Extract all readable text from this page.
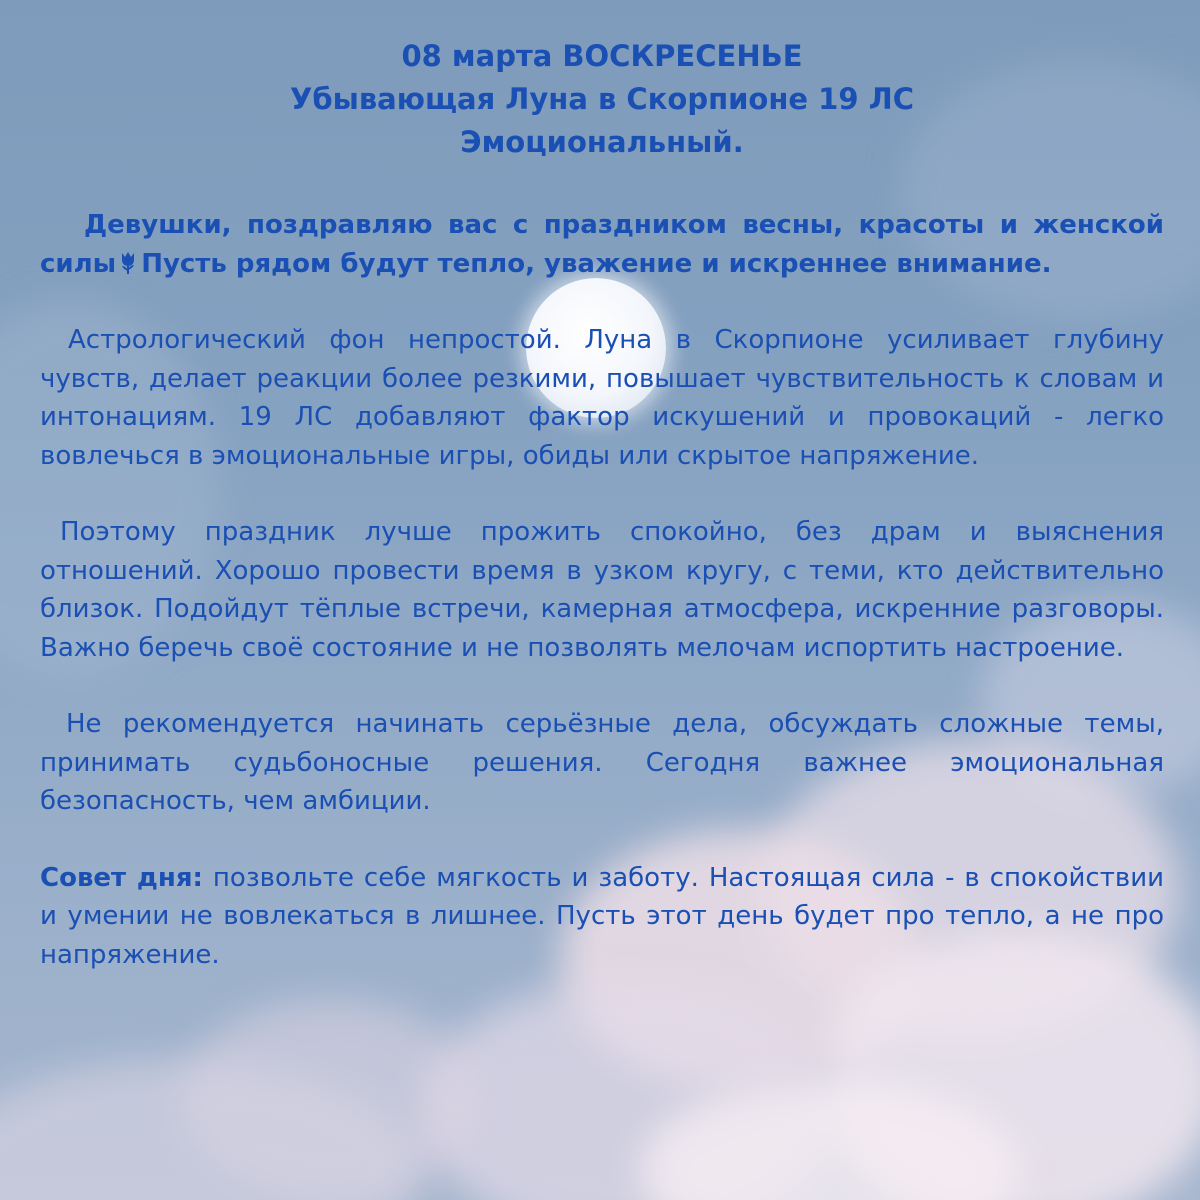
08 марта ВОСКРЕСЕНЬЕ
Убывающая Луна в Скорпионе 19 ЛС
Эмоциональный.

Девушки, поздравляю вас с праздником весны, красоты и женской силы Пусть рядом будут тепло, уважение и искреннее внимание.

Астрологический фон непростой. Луна в Скорпионе усиливает глубину чувств, делает реакции более резкими, повышает чувствительность к словам и интонациям. 19 ЛС добавляют фактор искушений и провокаций - легко вовлечься в эмоциональные игры, обиды или скрытое напряжение.

Поэтому праздник лучше прожить спокойно, без драм и выяснения отношений. Хорошо провести время в узком кругу, с теми, кто действительно близок. Подойдут тёплые встречи, камерная атмосфера, искренние разговоры. Важно беречь своё состояние и не позволять мелочам испортить настроение.

Не рекомендуется начинать серьёзные дела, обсуждать сложные темы, принимать судьбоносные решения. Сегодня важнее эмоциональная безопасность, чем амбиции.

Совет дня: позвольте себе мягкость и заботу. Настоящая сила - в спокойствии и умении не вовлекаться в лишнее. Пусть этот день будет про тепло, а не про напряжение.
